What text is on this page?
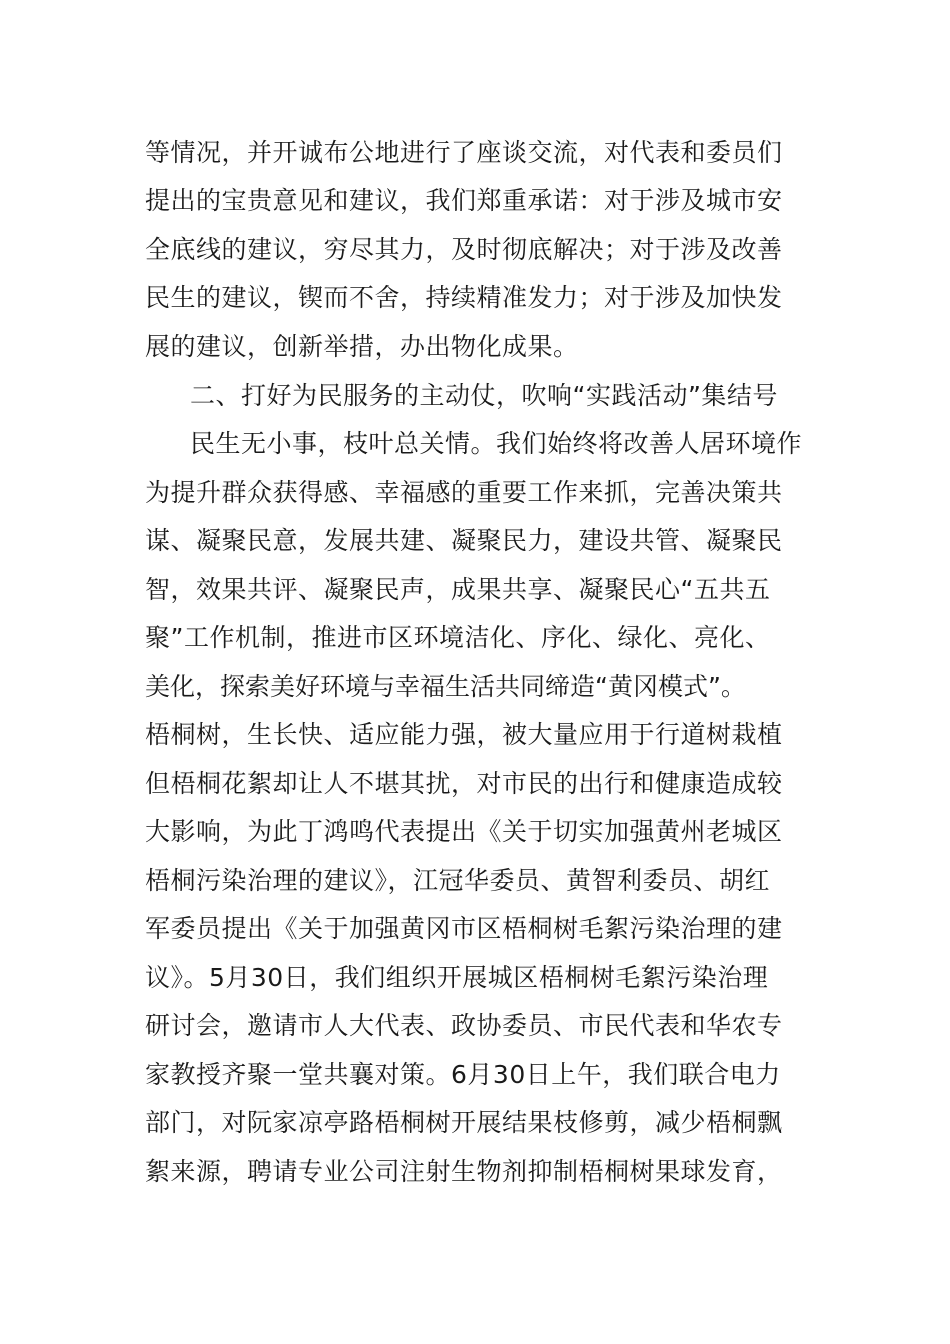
等情况，并开诚布公地进行了座谈交流，对代表和委员们
提出的宝贵意见和建议，我们郑重承诺：对于涉及城市安
全底线的建议，穷尽其力，及时彻底解决；对于涉及改善
民生的建议，锲而不舍，持续精准发力；对于涉及加快发
展的建议，创新举措，办出物化成果。
二、打好为民服务的主动仗，吹响“实践活动”集结号
民生无小事，枝叶总关情。我们始终将改善人居环境作
为提升群众获得感、幸福感的重要工作来抓，完善决策共
谋、凝聚民意，发展共建、凝聚民力，建设共管、凝聚民
智，效果共评、凝聚民声，成果共享、凝聚民心“五共五
聚”工作机制，推进市区环境洁化、序化、绿化、亮化、
美化，探索美好环境与幸福生活共同缔造“黄冈模式”。
梧桐树，生长快、适应能力强，被大量应用于行道树栽植
但梧桐花絮却让人不堪其扰，对市民的出行和健康造成较
大影响，为此丁鸿鸣代表提出《关于切实加强黄州老城区
梧桐污染治理的建议》，江冠华委员、黄智利委员、胡红
军委员提出《关于加强黄冈市区梧桐树毛絮污染治理的建
议》。5月30日，我们组织开展城区梧桐树毛絮污染治理
研讨会，邀请市人大代表、政协委员、市民代表和华农专
家教授齐聚一堂共襄对策。6月30日上午，我们联合电力
部门，对阮家凉亭路梧桐树开展结果枝修剪，减少梧桐飘
絮来源，聘请专业公司注射生物剂抑制梧桐树果球发育，
